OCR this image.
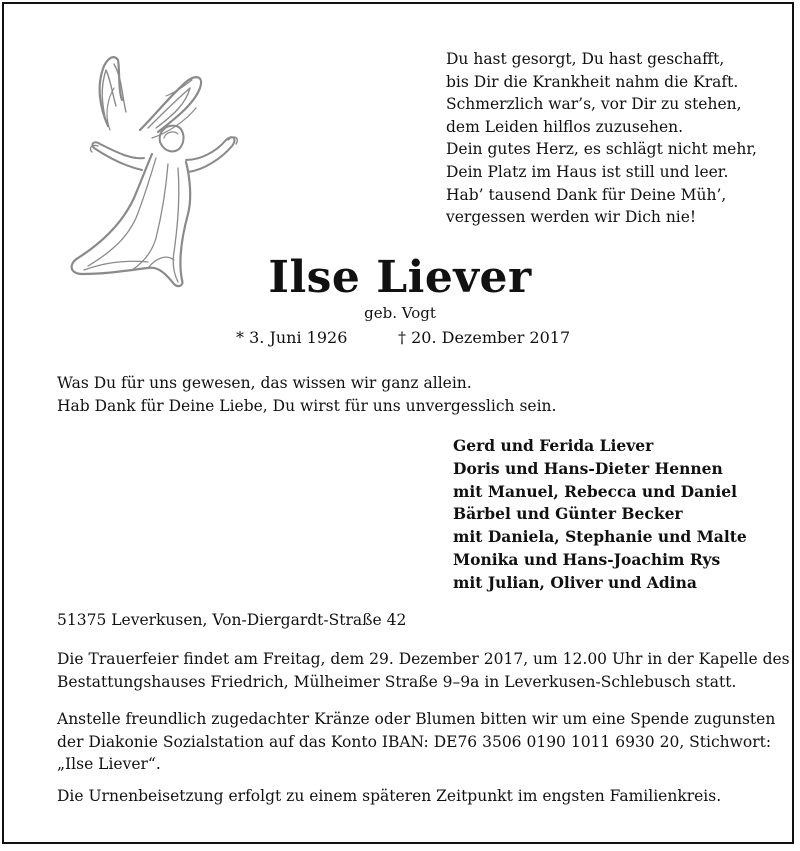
Du hast gesorgt, Du hast geschafft,
bis Dir die Krankheit nahm die Kraft.
Schmerzlich war’s, vor Dir zu stehen,
dem Leiden hilflos zuzusehen.
Dein gutes Herz, es schlägt nicht mehr,
Dein Platz im Haus ist still und leer.
Hab’ tausend Dank für Deine Müh’,
vergessen werden wir Dich nie!
Ilse Liever
geb. Vogt
* 3. Juni 1926	† 20. Dezember 2017
Was Du für uns gewesen, das wissen wir ganz allein.
Hab Dank für Deine Liebe, Du wirst für uns unvergesslich sein.
Gerd und Ferida Liever
Doris und Hans-Dieter Hennen
mit Manuel, Rebecca und Daniel
Bärbel und Günter Becker
mit Daniela, Stephanie und Malte
Monika und Hans-Joachim Rys
mit Julian, Oliver und Adina
51375 Leverkusen, Von-Diergardt-Straße 42
Die Trauerfeier findet am Freitag, dem 29. Dezember 2017, um 12.00 Uhr in der Kapelle des
Bestattungshauses Friedrich, Mülheimer Straße 9–9a in Leverkusen-Schlebusch statt.
Anstelle freundlich zugedachter Kränze oder Blumen bitten wir um eine Spende zugunsten
der Diakonie Sozialstation auf das Konto IBAN: DE76 3506 0190 1011 6930 20, Stichwort:
„Ilse Liever“.
Die Urnenbeisetzung erfolgt zu einem späteren Zeitpunkt im engsten Familienkreis.
